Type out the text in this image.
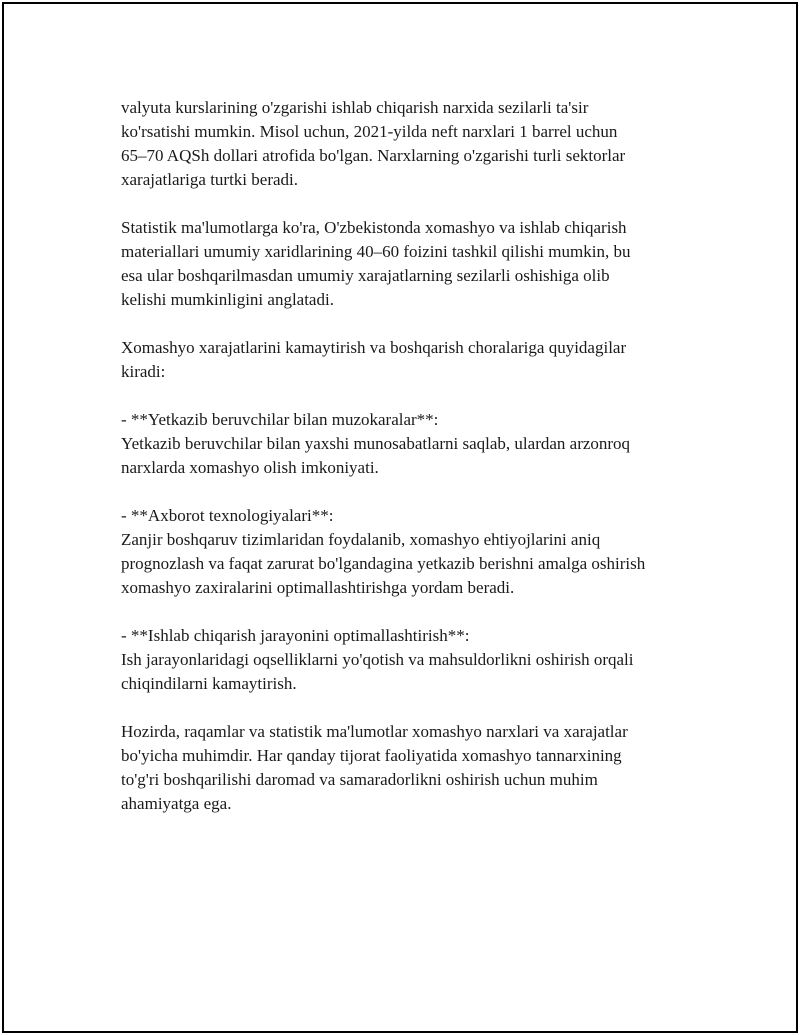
valyuta kurslarining o'zgarishi ishlab chiqarish narxida sezilarli ta'sir
ko'rsatishi mumkin. Misol uchun, 2021-yilda neft narxlari 1 barrel uchun
65–70 AQSh dollari atrofida bo'lgan. Narxlarning o'zgarishi turli sektorlar
xarajatlariga turtki beradi.

Statistik ma'lumotlarga ko'ra, O'zbekistonda xomashyo va ishlab chiqarish
materiallari umumiy xaridlarining 40–60 foizini tashkil qilishi mumkin, bu
esa ular boshqarilmasdan umumiy xarajatlarning sezilarli oshishiga olib
kelishi mumkinligini anglatadi.

Xomashyo xarajatlarini kamaytirish va boshqarish choralariga quyidagilar
kiradi:

- **Yetkazib beruvchilar bilan muzokaralar**:
Yetkazib beruvchilar bilan yaxshi munosabatlarni saqlab, ulardan arzonroq
narxlarda xomashyo olish imkoniyati.
- **Axborot texnologiyalari**:
Zanjir boshqaruv tizimlaridan foydalanib, xomashyo ehtiyojlarini aniq
prognozlash va faqat zarurat bo'lgandagina yetkazib berishni amalga oshirish
xomashyo zaxiralarini optimallashtirishga yordam beradi.
- **Ishlab chiqarish jarayonini optimallashtirish**:
Ish jarayonlaridagi oqselliklarni yo'qotish va mahsuldorlikni oshirish orqali
chiqindilarni kamaytirish.

Hozirda, raqamlar va statistik ma'lumotlar xomashyo narxlari va xarajatlar
bo'yicha muhimdir. Har qanday tijorat faoliyatida xomashyo tannarxining
to'g'ri boshqarilishi daromad va samaradorlikni oshirish uchun muhim
ahamiyatga ega.
